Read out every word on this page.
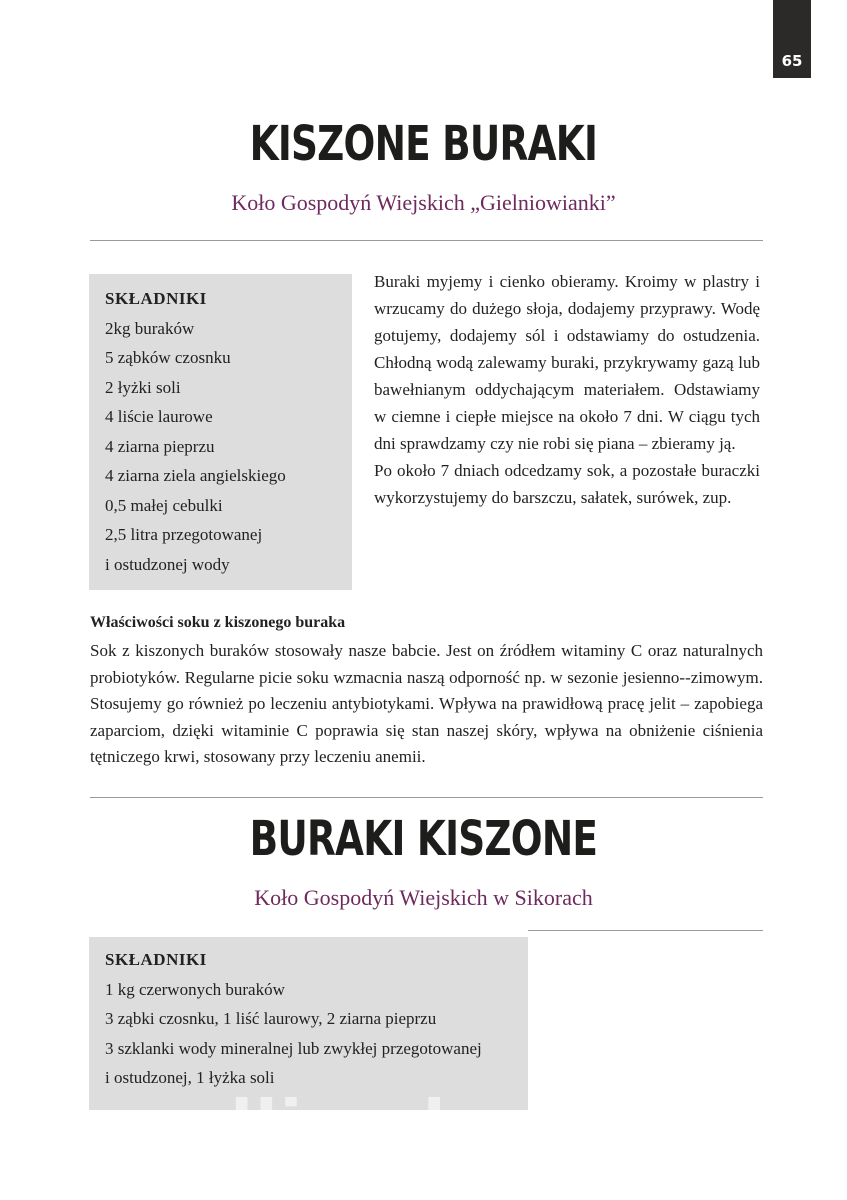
65
KISZONE BURAKI
Koło Gospodyń Wiejskich „Gielniowianki”
SKŁADNIKI
2kg buraków
5 ząbków czosnku
2 łyżki soli
4 liście laurowe
4 ziarna pieprzu
4 ziarna ziela angielskiego
0,5 małej cebulki
2,5 litra przegotowanej
i ostudzonej wody

Buraki myjemy i cienko obieramy. Kroimy w plastry i wrzucamy do dużego słoja, dodajemy przyprawy. Wodę gotujemy, dodajemy sól i odstawiamy do ostudzenia. Chłodną wodą zalewamy buraki, przykrywamy gazą lub bawełnianym oddychającym materiałem. Odstawiamy w ciemne i ciepłe miejsce na około 7 dni. W ciągu tych dni sprawdzamy czy nie robi się piana – zbieramy ją.

Po około 7 dniach odcedzamy sok, a pozostałe buraczki wykorzystujemy do barszczu, sałatek, surówek, zup.

Właściwości soku z kiszonego buraka
Sok z kiszonych buraków stosowały nasze babcie. Jest on źródłem witaminy C oraz naturalnych probiotyków. Regularne picie soku wzmacnia naszą odporność np. w sezonie jesienno--zimowym. Stosujemy go również po leczeniu antybiotykami. Wpływa na prawidłową pracę jelit – zapobiega zaparciom, dzięki witaminie C poprawia się stan naszej skóry, wpływa na obniżenie ciśnienia tętniczego krwi, stosowany przy leczeniu anemii.
BURAKI KISZONE
Koło Gospodyń Wiejskich w Sikorach
SKŁADNIKI
1 kg czerwonych buraków
3 ząbki czosnku, 1 liść laurowy, 2 ziarna pieprzu
3 szklanki wody mineralnej lub zwykłej przegotowanej
i ostudzonej, 1 łyżka soli
wedlinydomowe.pl
